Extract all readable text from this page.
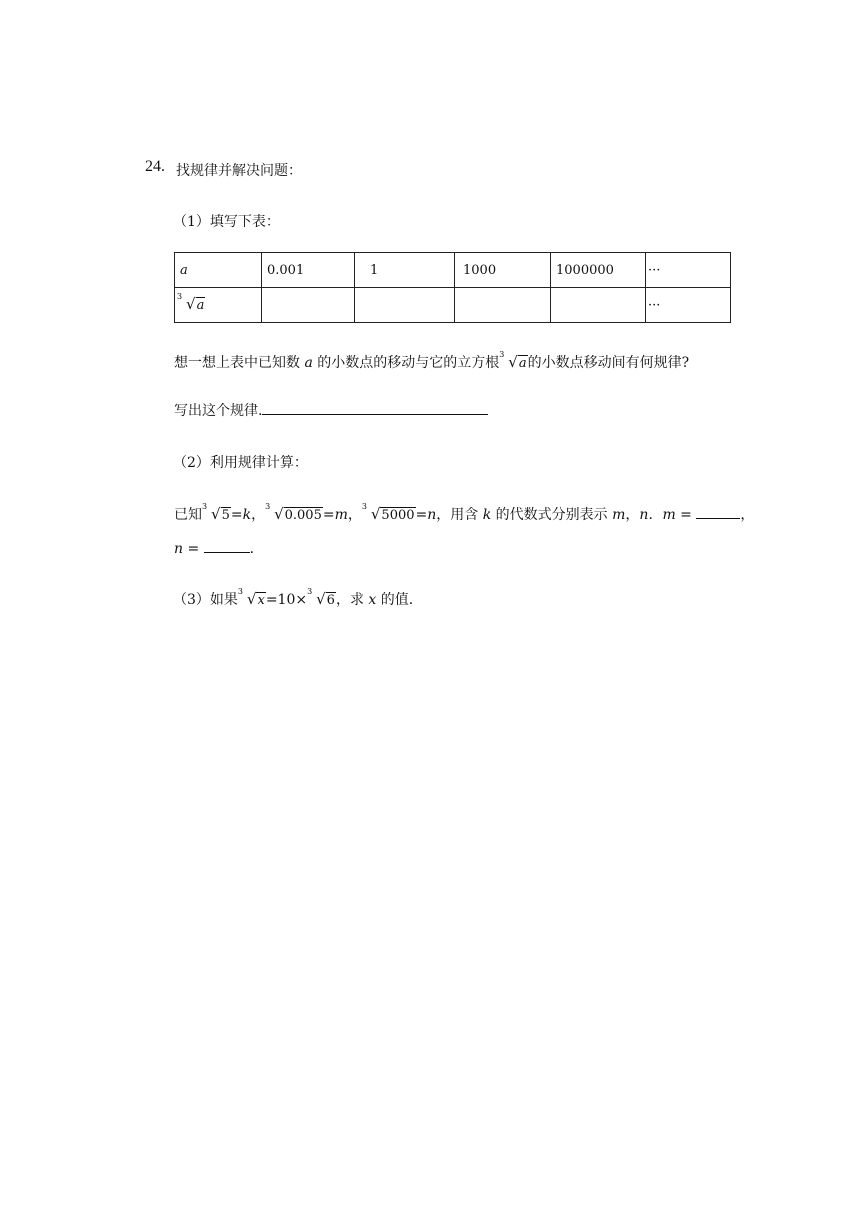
24. 找规律并解决问题：
（1）填写下表：
a	0.001	1	1000	1000000	···

3 √a					···
想一想上表中已知数 a 的小数点的移动与它的立方根
3 √a的小数点移动间有何规律?
写出这个规律.
（2）利用规律计算：
已知
3 √5=k，
3 √0.005=m，
3 √5000=n，用含 k 的代数式分别表示 m，n．m =	，
n =	.
（3）如果
3 √x=10×
3 √6，求 x 的值.
